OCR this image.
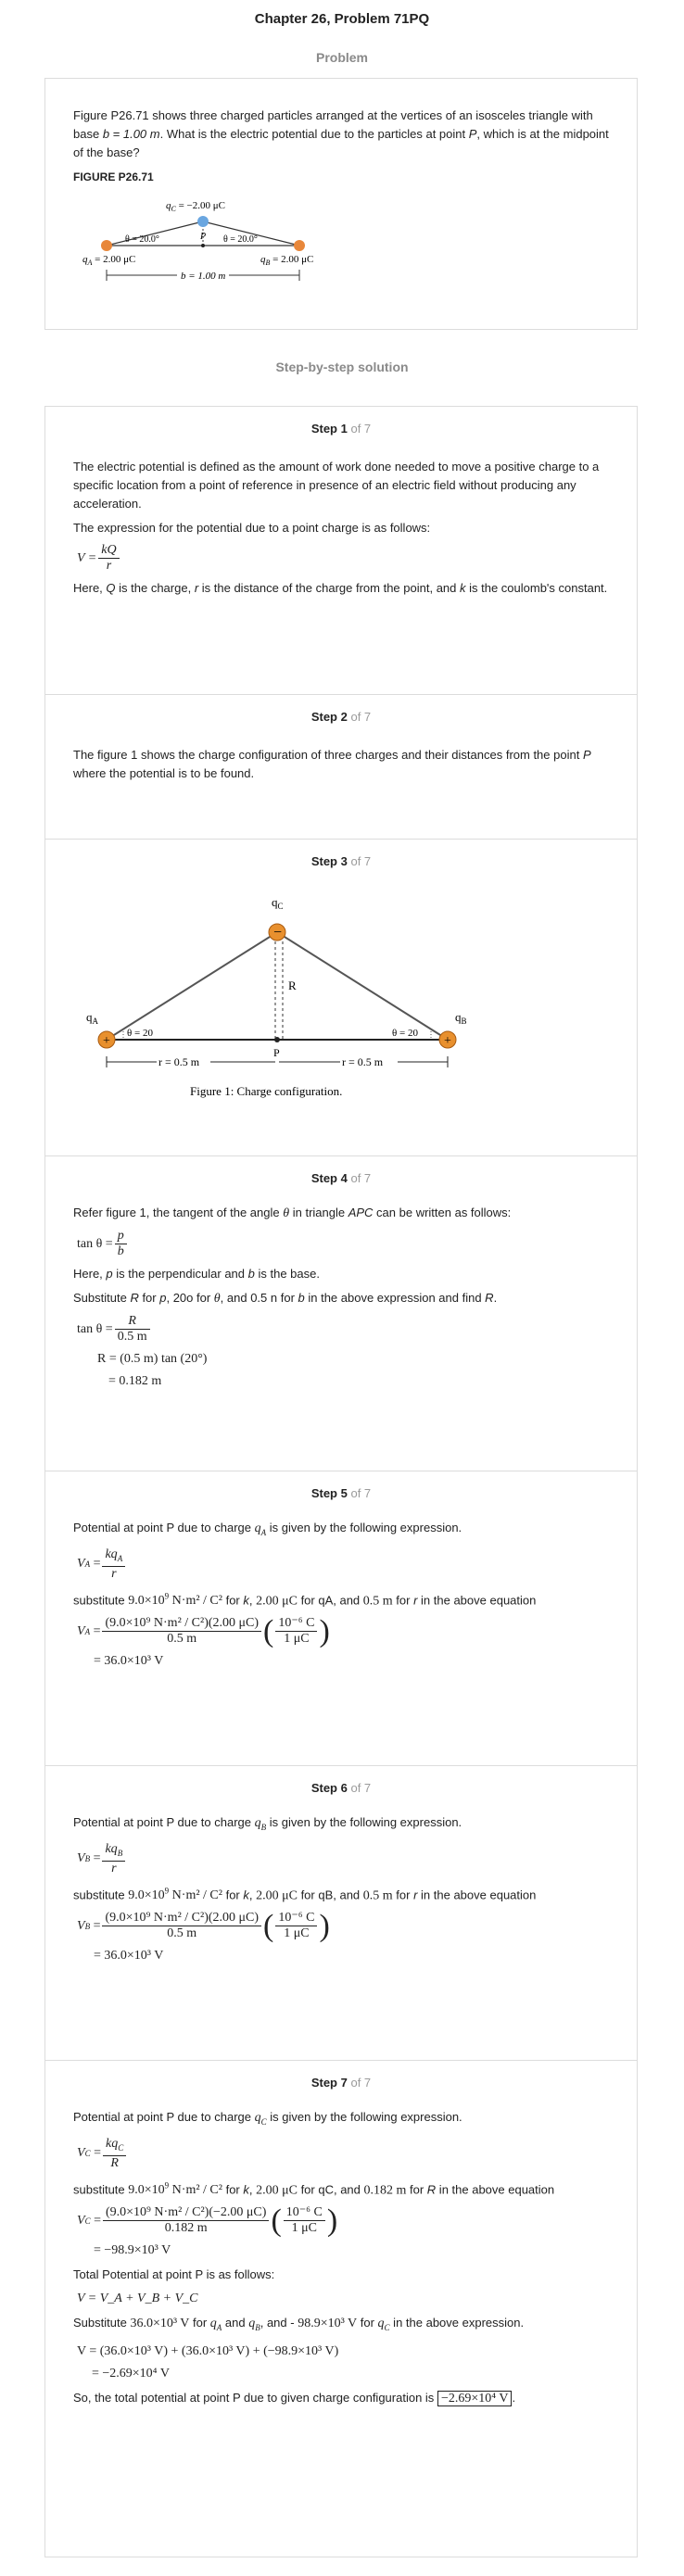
Chapter 26, Problem 71PQ
Problem

Figure P26.71 shows three charged particles arranged at the vertices of an isosceles triangle with base b = 1.00 m. What is the electric potential due to the particles at point P, which is at the midpoint of the base?

FIGURE P26.71

$q_C = -2.00$ μC
θ = 20.0°	θ = 20.0°
P
$q_A = 2.00$ μC	$q_B = 2.00$ μC
b = 1.00 m
Step-by-step solution
Step 1 of 7

The electric potential is defined as the amount of work done needed to move a positive charge to a specific location from a point of reference in presence of an electric field without producing any acceleration.

The expression for the potential due to a point charge is as follows:

$V = \frac{kQ}{r}$

Here, Q is the charge, r is the distance of the charge from the point, and k is the coulomb's constant.

Step 2 of 7

The figure 1 shows the charge configuration of three charges and their distances from the point P where the potential is to be found.

Step 3 of 7
+	+
−
$q_C$
R
$q_A$	$q_B$
θ = 20	θ = 20
P
r = 0.5 m	r = 0.5 m
Figure 1: Charge configuration.
Step 4 of 7

Refer figure 1, the tangent of the angle θ in triangle APC can be written as follows:

$\tan \theta = \frac{p}{b}$

Here, p is the perpendicular and b is the base.

Substitute R for p, 20o for θ, and 0.5 n for b in the above expression and find R.

$\tan \theta = \frac{R}{0.5 m}$
R = (0.5 m) tan (20°)
= 0.182 m
Step 5 of 7

Potential at point P due to charge $q_A$ is given by the following expression.

V $A = \frac{kq_A}{r}$

substitute $9.0\times 10^9$ N·m² / C² for k, 2.00 μC for qA, and 0.5 m for r in the above equation

V $A = \frac{\text{(9.0×10⁹ N·m² / C²)(2.00 μC)}}{0.5 m}$ ( $\frac{\text{10⁻⁶ C}}{1 \mu C}$ )
= 36.0×10³ V
Step 6 of 7

Potential at point P due to charge $q_B$ is given by the following expression.

V $B = \frac{kq_B}{r}$

substitute $9.0\times 10^9$ N·m² / C² for k, 2.00 μC for qB, and 0.5 m for r in the above equation

V $B = \frac{\text{(9.0×10⁹ N·m² / C²)(2.00 μC)}}{0.5 m}$ ( $\frac{\text{10⁻⁶ C}}{1 \mu C}$ )
= 36.0×10³ V
Step 7 of 7

Potential at point P due to charge $q_C$ is given by the following expression.

V $C = \frac{kq_C}{R}$

substitute $9.0\times 10^9$ N·m² / C² for k, 2.00 μC for qC, and 0.182 m for R in the above equation

V $C = \frac{\text{(9.0×10⁹ N·m² / C²)(−2.00 μC)}}{0.182 m}$ ( $\frac{\text{10⁻⁶ C}}{1 \mu C}$ )
= −98.9×10³ V

Total Potential at point P is as follows:

V = V_A + V_B + V_C

Substitute 36.0×10³ V for $q_A$ and $q_B$, and - 98.9×10³ V for $q_C$ in the above expression.

V = (36.0×10³ V) + (36.0×10³ V) + (−98.9×10³ V)
= −2.69×10⁴ V

So, the total potential at point P due to given charge configuration is −2.69×10⁴ V .
